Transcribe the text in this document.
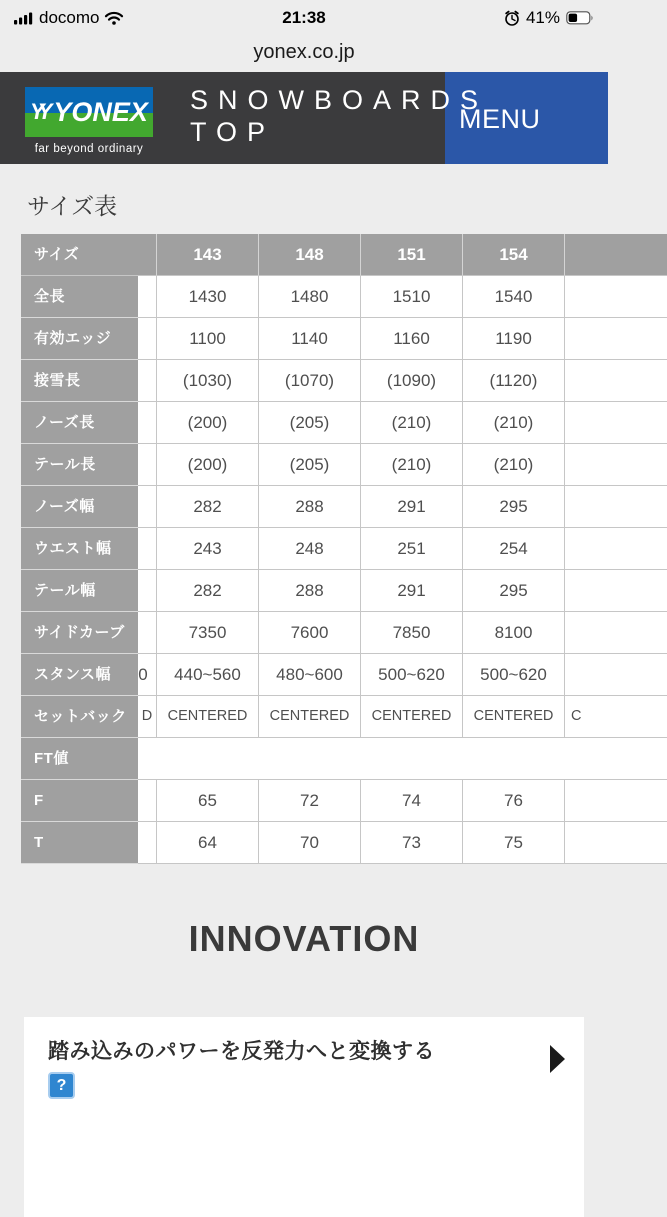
docomo	21:38	41%
yonex.co.jp
MENU
YY YONEX
far beyond ordinary
SNOWBOARDS
TOP
サイズ表
サイズ	143	148	151	154
全長	1430	1480	1510	1540
有効エッジ	1100	1140	1160	1190
接雪長	(1030)	(1070)	(1090)	(1120)
ノーズ長	(200)	(205)	(210)	(210)
テール長	(200)	(205)	(210)	(210)
ノーズ幅	282	288	291	295
ウエスト幅	243	248	251	254
テール幅	282	288	291	295
サイドカーブ	7350	7600	7850	8100
スタンス幅	0	440~560	480~600	500~620	500~620
セットバック	D	CENTERED	CENTERED	CENTERED	CENTERED	C
FT値
F	65	72	74	76
T	64	70	73	75
INNOVATION
踏み込みのパワーを反発力へと変換する
?
